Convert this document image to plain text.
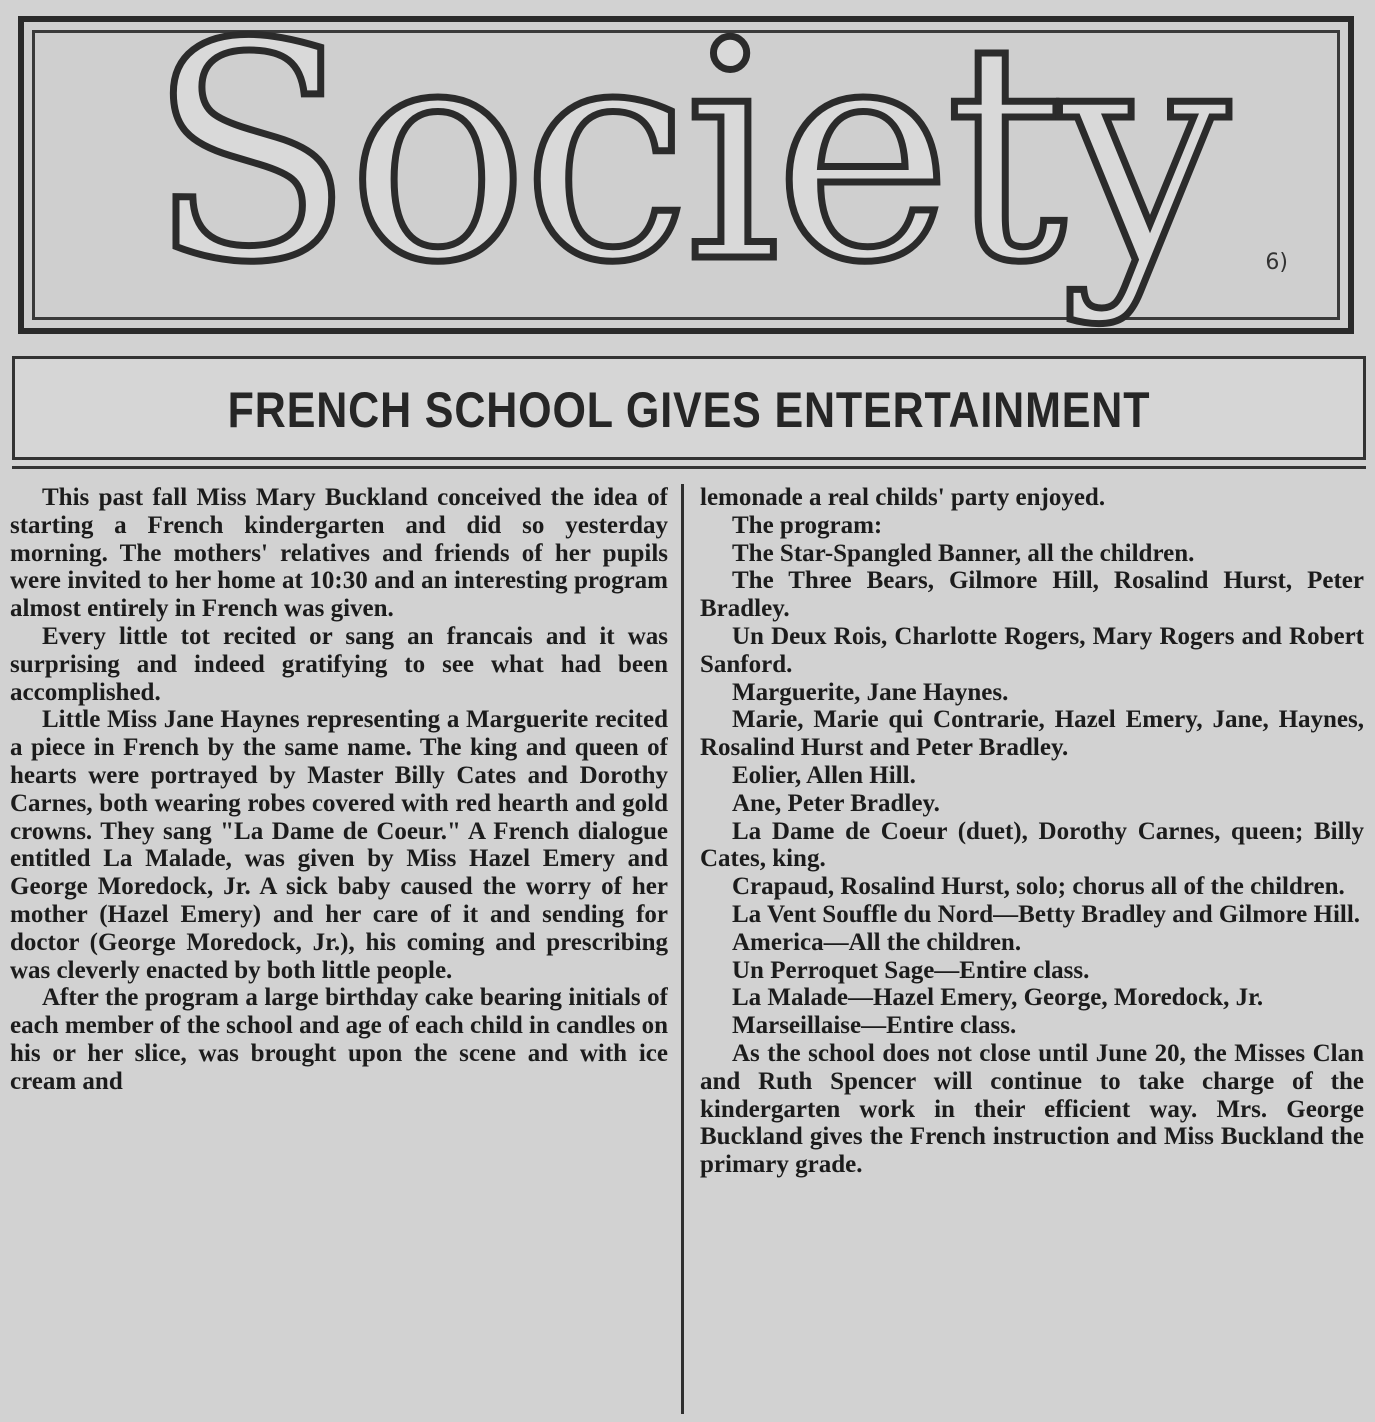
Society	6)
FRENCH SCHOOL GIVES ENTERTAINMENT

This past fall Miss Mary Buckland conceived the idea of starting a French kindergarten and did so yesterday morning. The mothers' relatives and friends of her pupils were invited to her home at 10:30 and an interesting program almost entirely in French was given.

Every little tot recited or sang an francais and it was surprising and indeed gratifying to see what had been accomplished.

Little Miss Jane Haynes representing a Marguerite recited a piece in French by the same name. The king and queen of hearts were portrayed by Master Billy Cates and Dorothy Carnes, both wearing robes covered with red hearth and gold crowns. They sang "La Dame de Coeur." A French dialogue entitled La Malade, was given by Miss Hazel Emery and George Moredock, Jr. A sick baby caused the worry of her mother (Hazel Emery) and her care of it and sending for doctor (George Moredock, Jr.), his coming and prescribing was cleverly enacted by both little people.

After the program a large birthday cake bearing initials of each member of the school and age of each child in candles on his or her slice, was brought upon the scene and with ice cream and

lemonade a real childs' party enjoyed.

The program:

The Star-Spangled Banner, all the children.

The Three Bears, Gilmore Hill, Rosalind Hurst, Peter Bradley.

Un Deux Rois, Charlotte Rogers, Mary Rogers and Robert Sanford.

Marguerite, Jane Haynes.

Marie, Marie qui Contrarie, Hazel Emery, Jane, Haynes, Rosalind Hurst and Peter Bradley.

Eolier, Allen Hill.

Ane, Peter Bradley.

La Dame de Coeur (duet), Dorothy Carnes, queen; Billy Cates, king.

Crapaud, Rosalind Hurst, solo; chorus all of the children.

La Vent Souffle du Nord—Betty Bradley and Gilmore Hill.

America—All the children.

Un Perroquet Sage—Entire class.

La Malade—Hazel Emery, George, Moredock, Jr.

Marseillaise—Entire class.

As the school does not close until June 20, the Misses Clan and Ruth Spencer will continue to take charge of the kindergarten work in their efficient way. Mrs. George Buckland gives the French instruction and Miss Buckland the primary grade.
